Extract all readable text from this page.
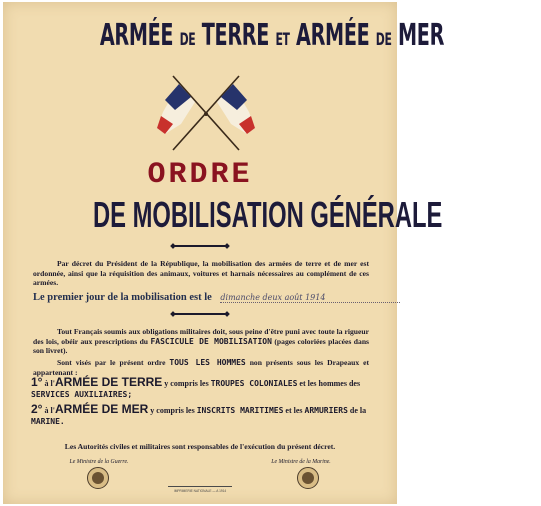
ARMÉE DE TERRE ET ARMÉE DE MER
ORDRE
DE MOBILISATION GÉNÉRALE
Par décret du Président de la République, la mobilisation des armées de terre et de mer est ordonnée, ainsi que la réquisition des animaux, voitures et harnais nécessaires au complément de ces armées.
Le premier jour de la mobilisation est le dimanche deux août 1914
Tout Français soumis aux obligations militaires doit, sous peine d'être puni avec toute la rigueur des lois, obéir aux prescriptions du FASCICULE DE MOBILISATION (pages coloriées placées dans son livret).
Sont visés par le présent ordre TOUS LES HOMMES non présents sous les Drapeaux et appartenant :
1° à l'ARMÉE DE TERRE y compris les TROUPES COLONIALES et les hommes des SERVICES AUXILIAIRES;
2° à l'ARMÉE DE MER y compris les INSCRITS MARITIMES et les ARMURIERS de la MARINE.
Les Autorités civiles et militaires sont responsables de l'exécution du présent décret.
Le Ministre de la Guerre.	Le Ministre de la Marine.
IMPRIMERIE NATIONALE — A 1914
